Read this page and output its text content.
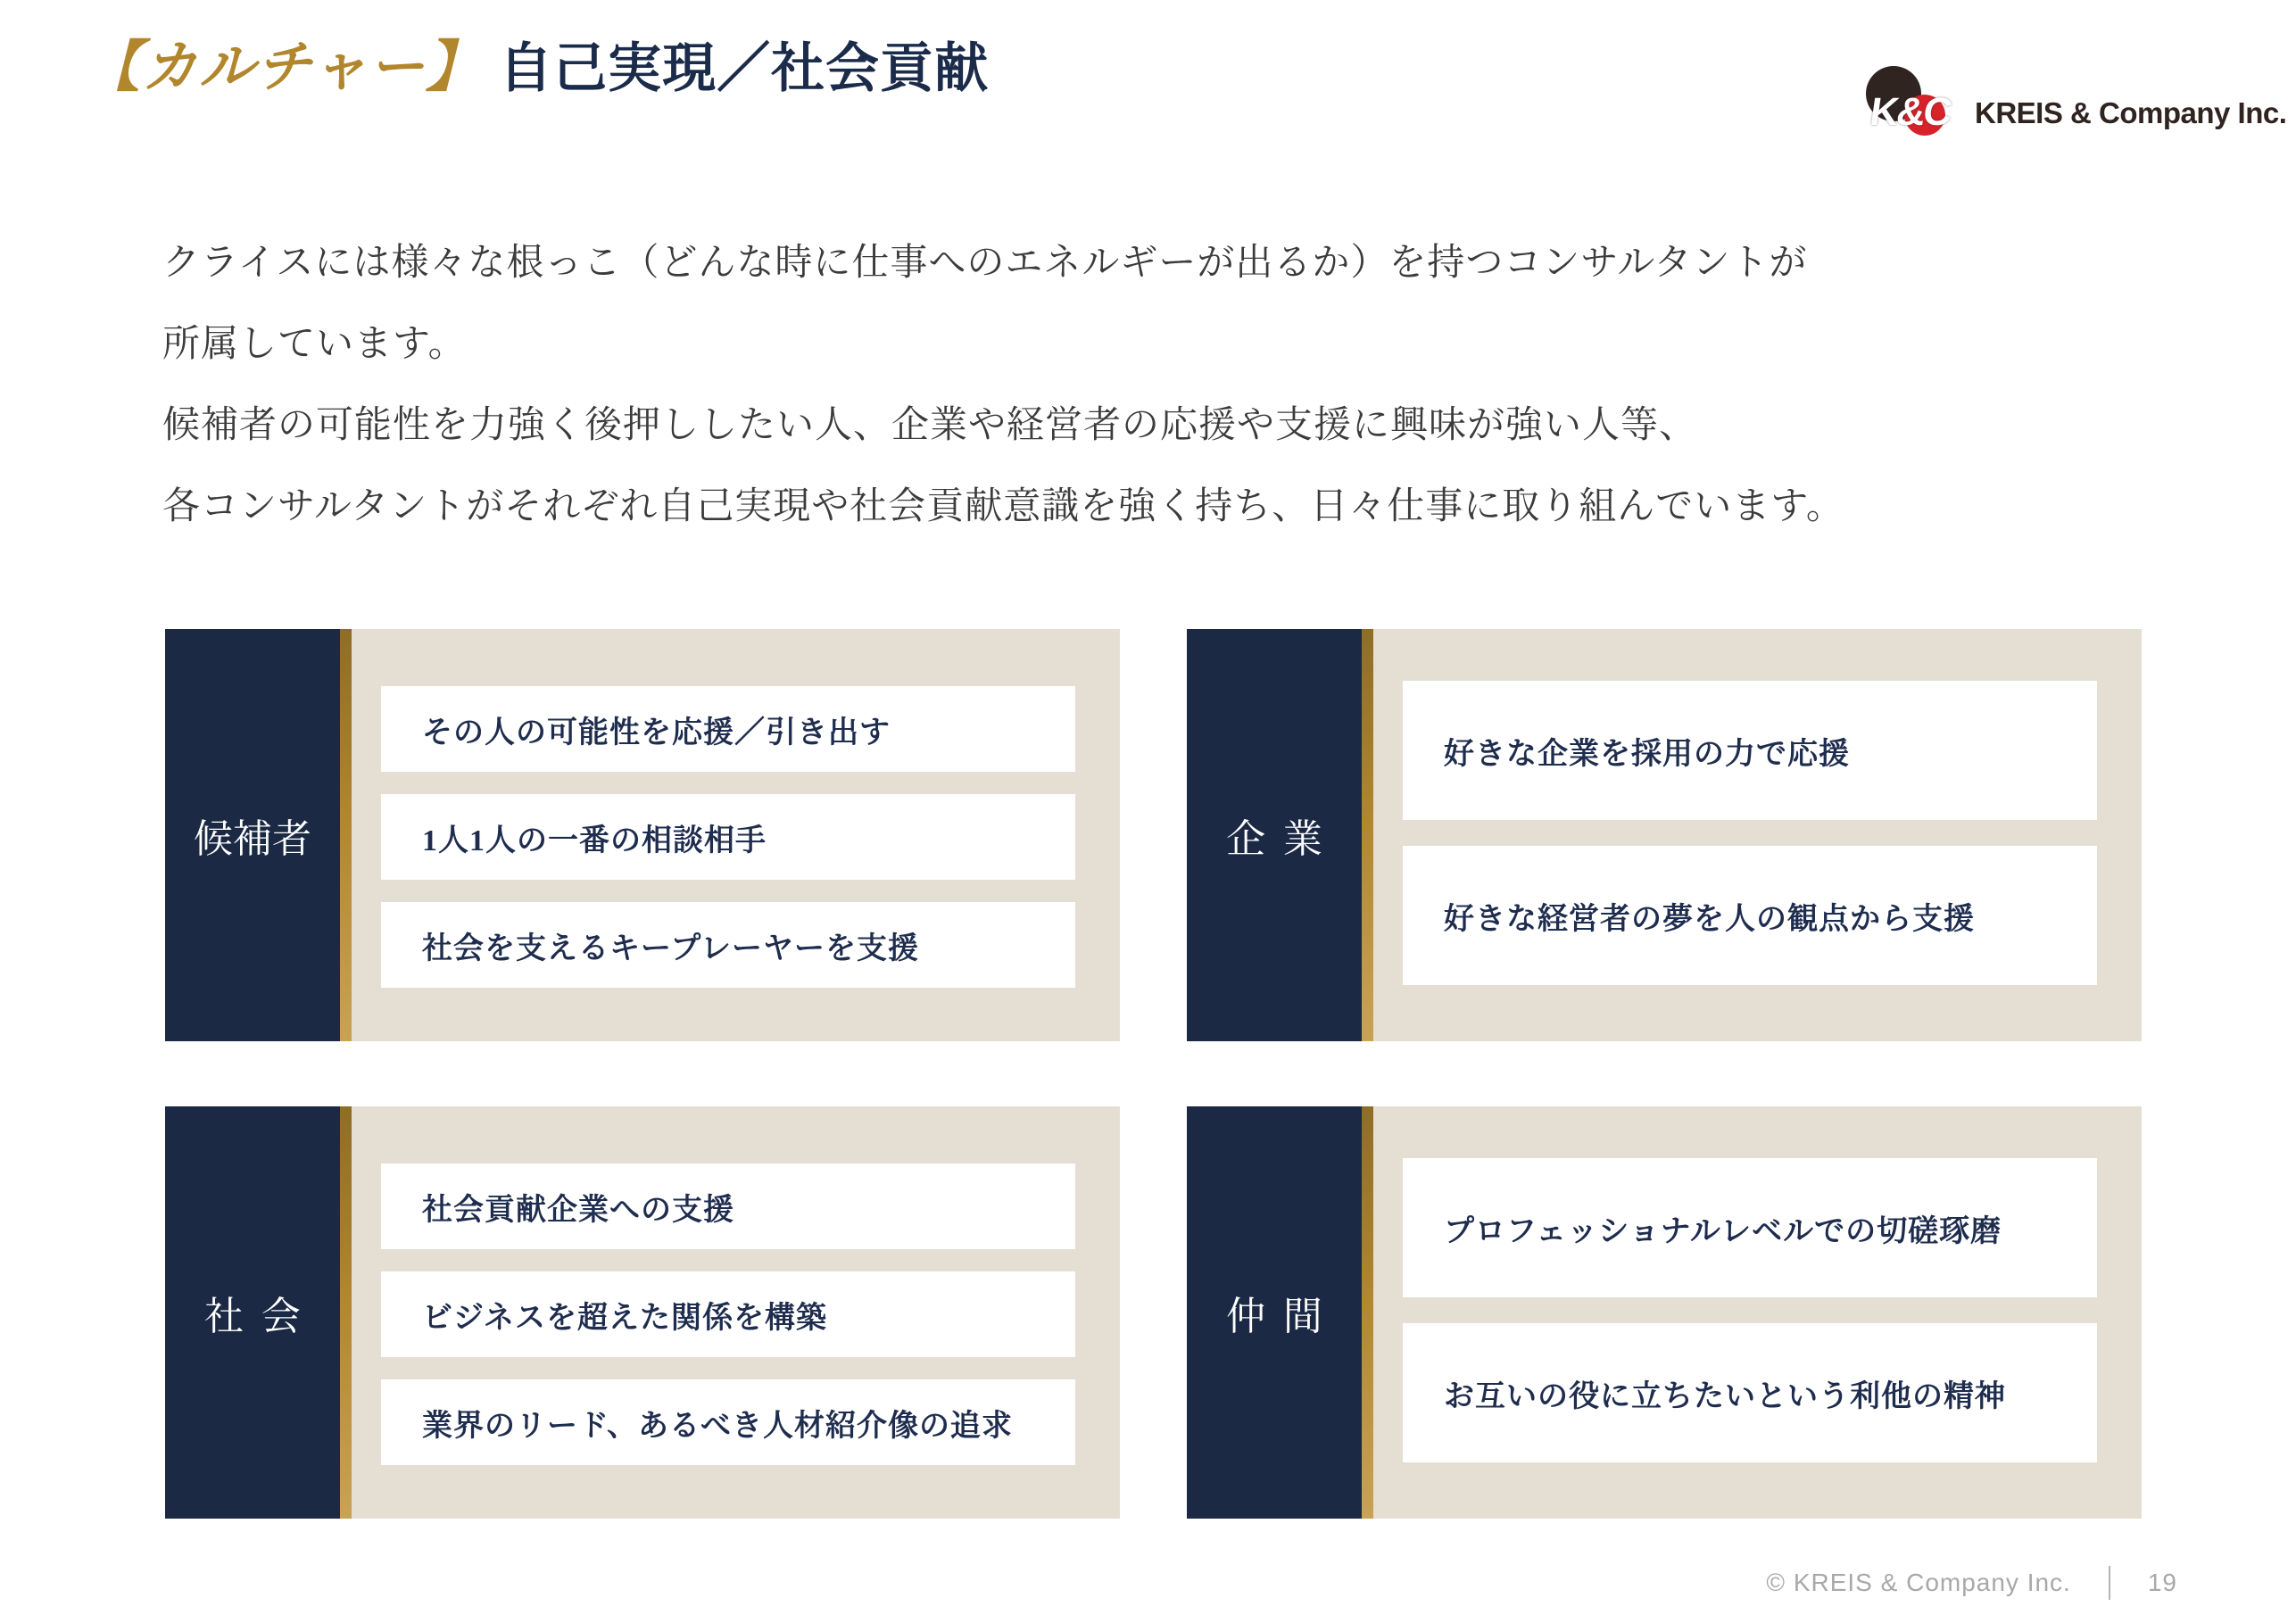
【カルチャー】 自己実現／社会貢献
K&C KREIS & Company Inc.
クライスには様々な根っこ（どんな時に仕事へのエネルギーが出るか）を持つコンサルタントが
所属しています。
候補者の可能性を力強く後押ししたい人、企業や経営者の応援や支援に興味が強い人等、
各コンサルタントがそれぞれ自己実現や社会貢献意識を強く持ち、日々仕事に取り組んでいます。
候補者
その人の可能性を応援／引き出す
1人1人の一番の相談相手
社会を支えるキープレーヤーを支援
企業
好きな企業を採用の力で応援
好きな経営者の夢を人の観点から支援
社会
社会貢献企業への支援
ビジネスを超えた関係を構築
業界のリード、あるべき人材紹介像の追求
仲間
プロフェッショナルレベルでの切磋琢磨
お互いの役に立ちたいという利他の精神
© KREIS & Company Inc.	19
